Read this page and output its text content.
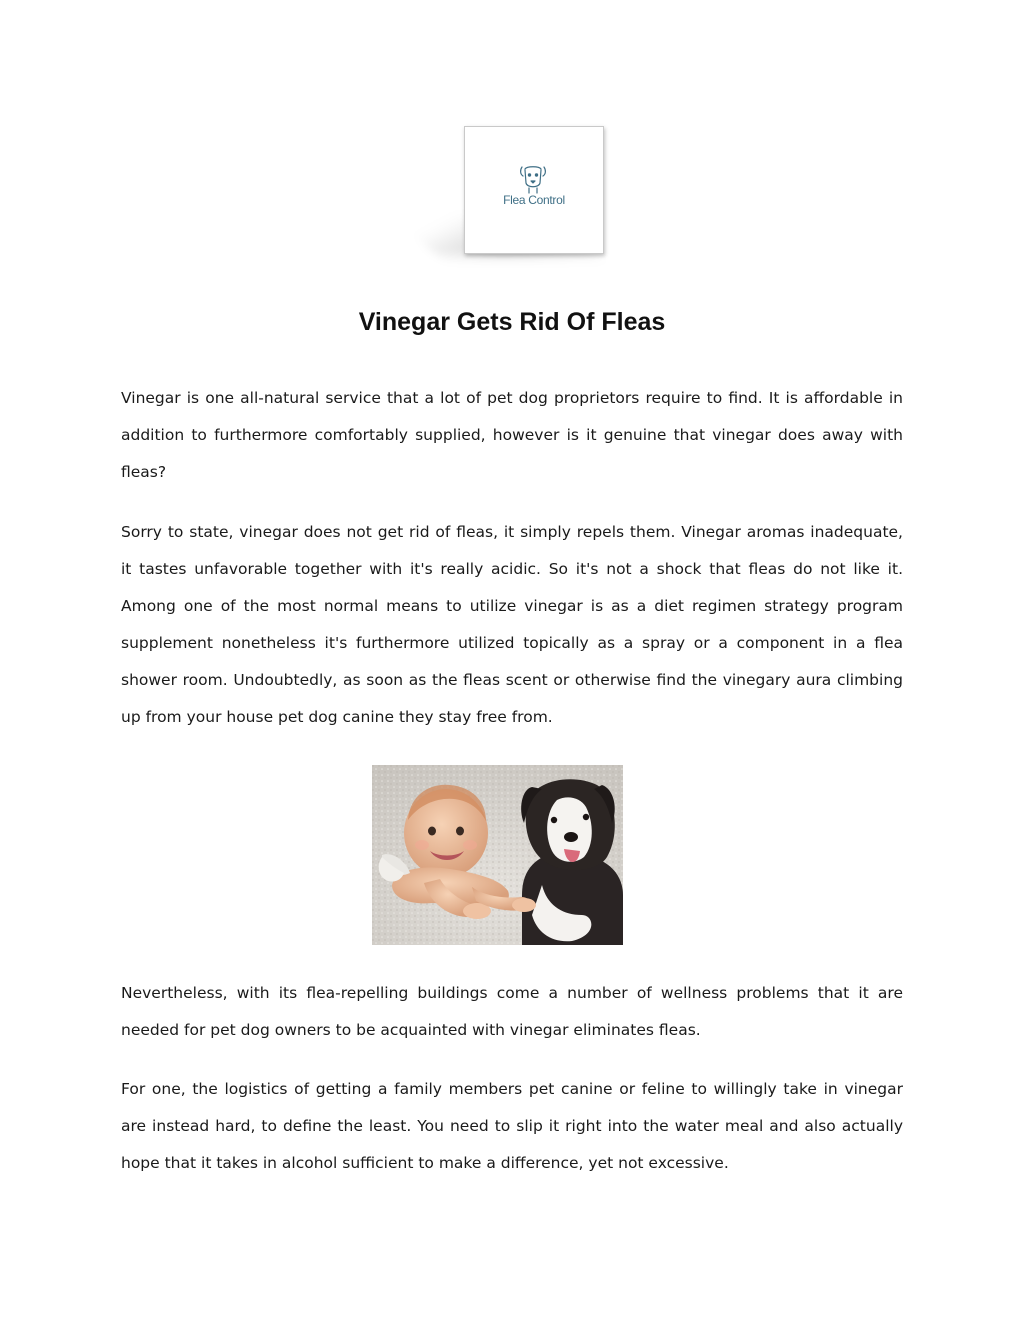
Flea Control
Vinegar Gets Rid Of Fleas

Vinegar is one all-natural service that a lot of pet dog proprietors require to find. It is affordable in addition to furthermore comfortably supplied, however is it genuine that vinegar does away with fleas?

Sorry to state, vinegar does not get rid of fleas, it simply repels them. Vinegar aromas inadequate, it tastes unfavorable together with it's really acidic. So it's not a shock that fleas do not like it. Among one of the most normal means to utilize vinegar is as a diet regimen strategy program supplement nonetheless it's furthermore utilized topically as a spray or a component in a flea shower room. Undoubtedly, as soon as the fleas scent or otherwise find the vinegary aura climbing up from your house pet dog canine they stay free from.

Nevertheless, with its flea-repelling buildings come a number of wellness problems that it are needed for pet dog owners to be acquainted with vinegar eliminates fleas.

For one, the logistics of getting a family members pet canine or feline to willingly take in vinegar are instead hard, to define the least. You need to slip it right into the water meal and also actually hope that it takes in alcohol sufficient to make a difference, yet not excessive.
